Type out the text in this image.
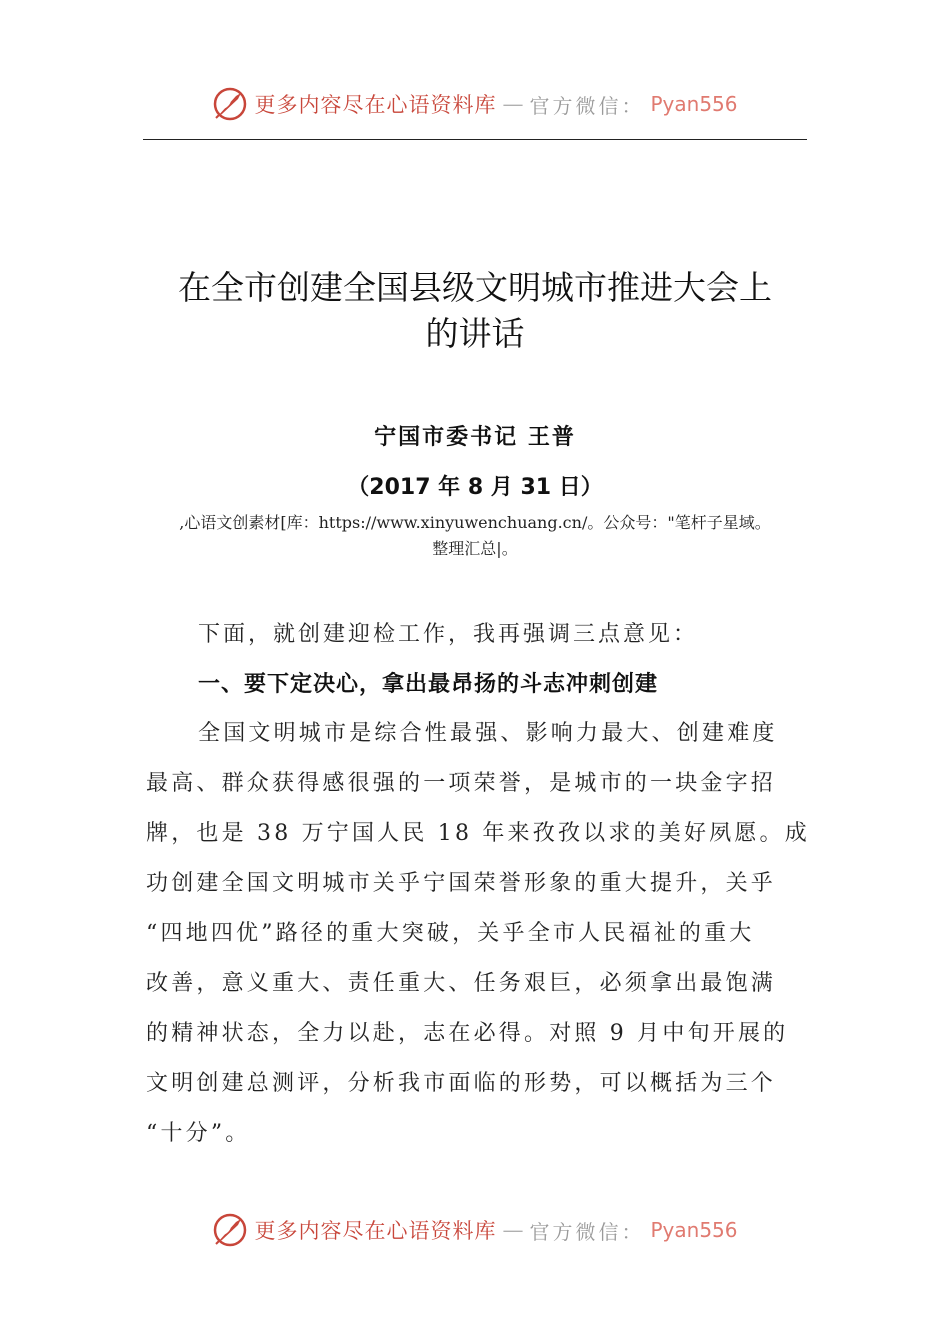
更多内容尽在心语资料库 — 官方微信： Pyan556
在全市创建全国县级文明城市推进大会上
的讲话
宁国市委书记 王普
（2017 年 8 月 31 日）
,心语文创素材[库：https://www.xinyuwenchuang.cn/。公众号："笔杆子星域。
整理汇总|。
下面，就创建迎检工作，我再强调三点意见：
一、要下定决心，拿出最昂扬的斗志冲刺创建
全国文明城市是综合性最强、影响力最大、创建难度
最高、群众获得感很强的一项荣誉，是城市的一块金字招
牌，也是 38 万宁国人民 18 年来孜孜以求的美好夙愿。成
功创建全国文明城市关乎宁国荣誉形象的重大提升，关乎
“四地四优”路径的重大突破，关乎全市人民福祉的重大
改善，意义重大、责任重大、任务艰巨，必须拿出最饱满
的精神状态，全力以赴，志在必得。对照 9 月中旬开展的
文明创建总测评，分析我市面临的形势，可以概括为三个
“十分”。
更多内容尽在心语资料库 — 官方微信： Pyan556
